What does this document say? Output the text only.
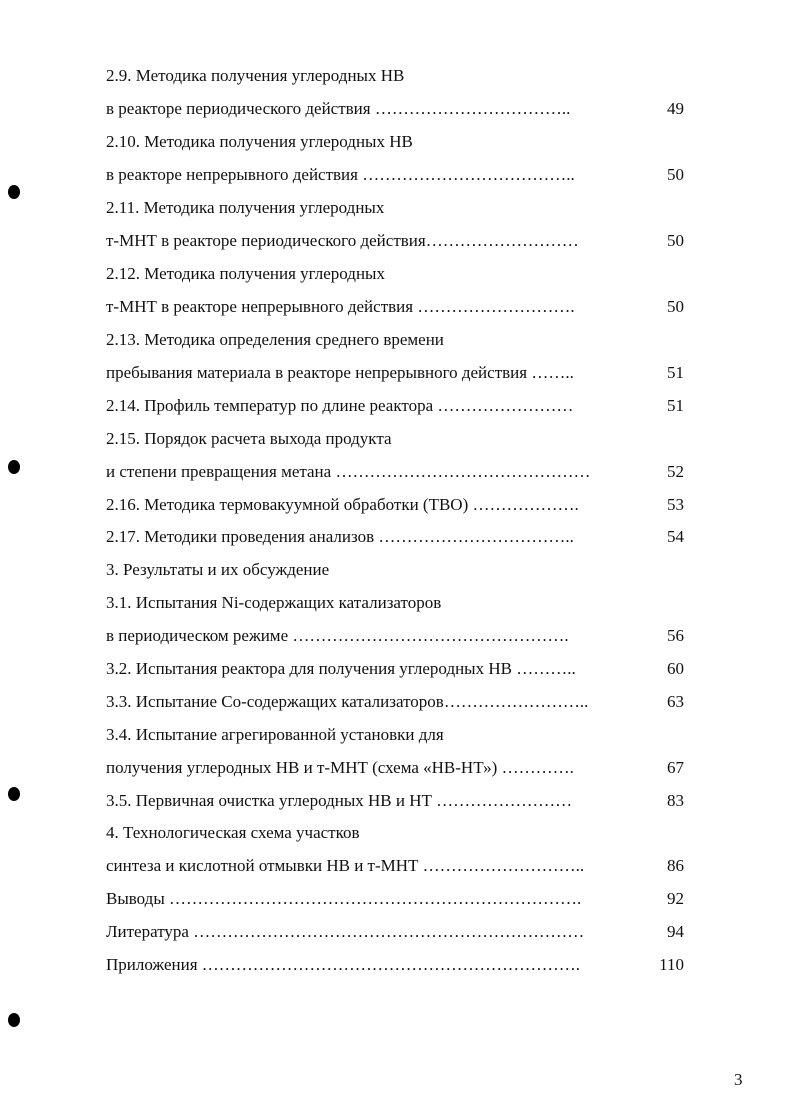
2.9. Методика получения углеродных НВ
в реакторе периодического действия ……………………………..	49
2.10. Методика получения углеродных НВ
в реакторе непрерывного действия ………………………………..	50
2.11. Методика получения углеродных
т-МНТ в реакторе периодического действия………………………	50
2.12. Методика получения углеродных
т-МНТ в реакторе непрерывного действия ……………………….	50
2.13. Методика определения среднего времени
пребывания материала в реакторе непрерывного действия ……..	51
2.14. Профиль температур по длине реактора ……………………	51
2.15. Порядок расчета выхода продукта
и степени превращения метана ………………………………………	52
2.16. Методика термовакуумной обработки (ТВО) ……………….	53
2.17. Методики проведения анализов ……………………………..	54
3. Результаты и их обсуждение
3.1. Испытания Ni-содержащих катализаторов
в периодическом режиме ………………………………………….	56
3.2. Испытания реактора для получения углеродных НВ ………..	60
3.3. Испытание Co-содержащих катализаторов……………………..	63
3.4. Испытание агрегированной установки для
получения углеродных НВ и т-МНТ (схема «НВ-НТ») ………….	67
3.5. Первичная очистка углеродных НВ и НТ ……………………	83
4. Технологическая схема участков
синтеза и кислотной отмывки НВ и т-МНТ ………………………..	86
Выводы ……………………………………………………………….	92
Литература ……………………………………………………………	94
Приложения ………………………………………………………….	110
3
